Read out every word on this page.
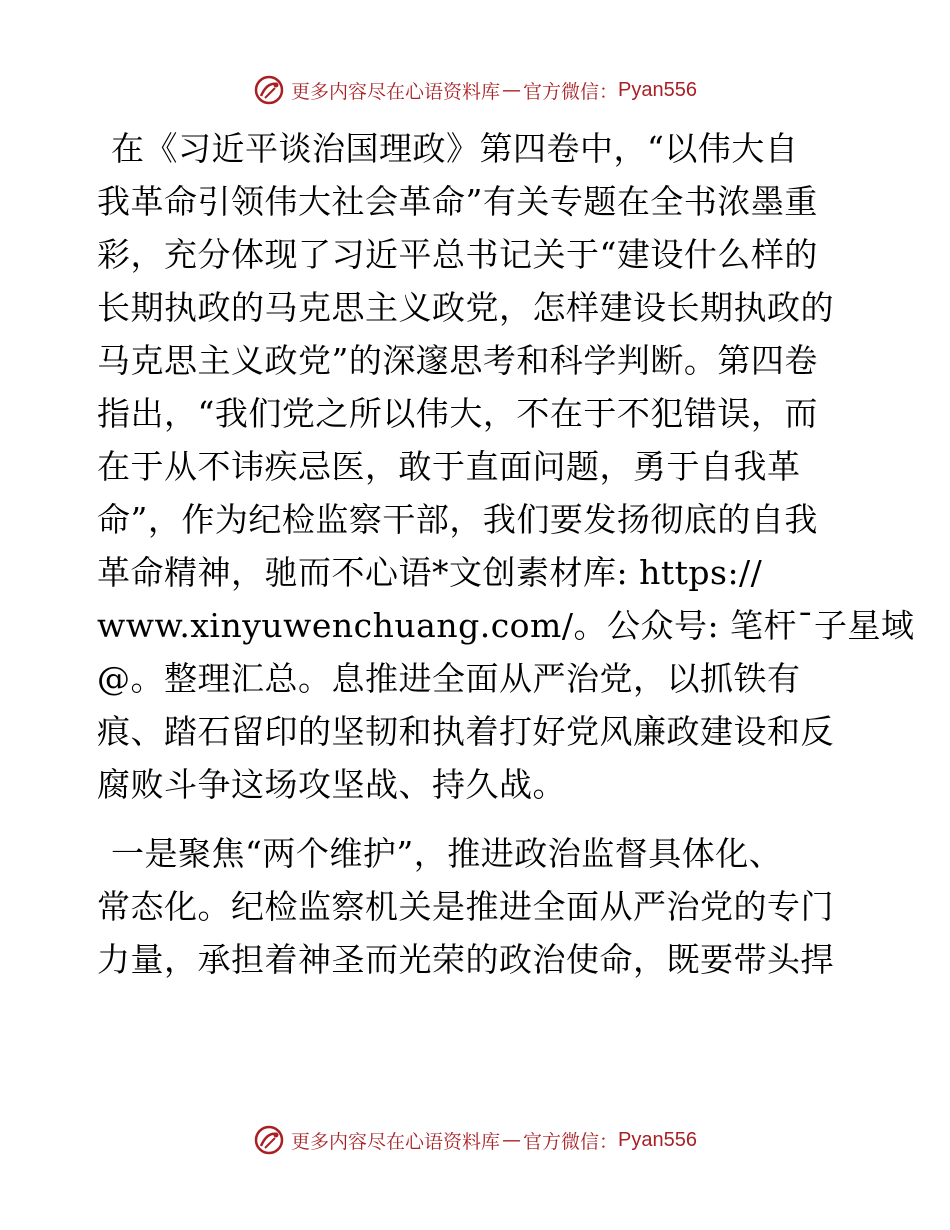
更多内容尽在心语资料库 — 官方微信： Pyan556
在《习近平谈治国理政》第四卷中，“以伟大自
我革命引领伟大社会革命”有关专题在全书浓墨重
彩，充分体现了习近平总书记关于“建设什么样的
长期执政的马克思主义政党，怎样建设长期执政的
马克思主义政党”的深邃思考和科学判断。第四卷
指出，“我们党之所以伟大，不在于不犯错误，而
在于从不讳疾忌医，敢于直面问题，勇于自我革
命”，作为纪检监察干部，我们要发扬彻底的自我
革命精神，驰而不心语*文创素材库: https://
www.xinyuwenchuang.com/。公众号: 笔杆¯子星域
@。整理汇总。息推进全面从严治党，以抓铁有
痕、踏石留印的坚韧和执着打好党风廉政建设和反
腐败斗争这场攻坚战、持久战。
一是聚焦“两个维护”，推进政治监督具体化、
常态化。纪检监察机关是推进全面从严治党的专门
力量，承担着神圣而光荣的政治使命，既要带头捍
更多内容尽在心语资料库 — 官方微信： Pyan556
